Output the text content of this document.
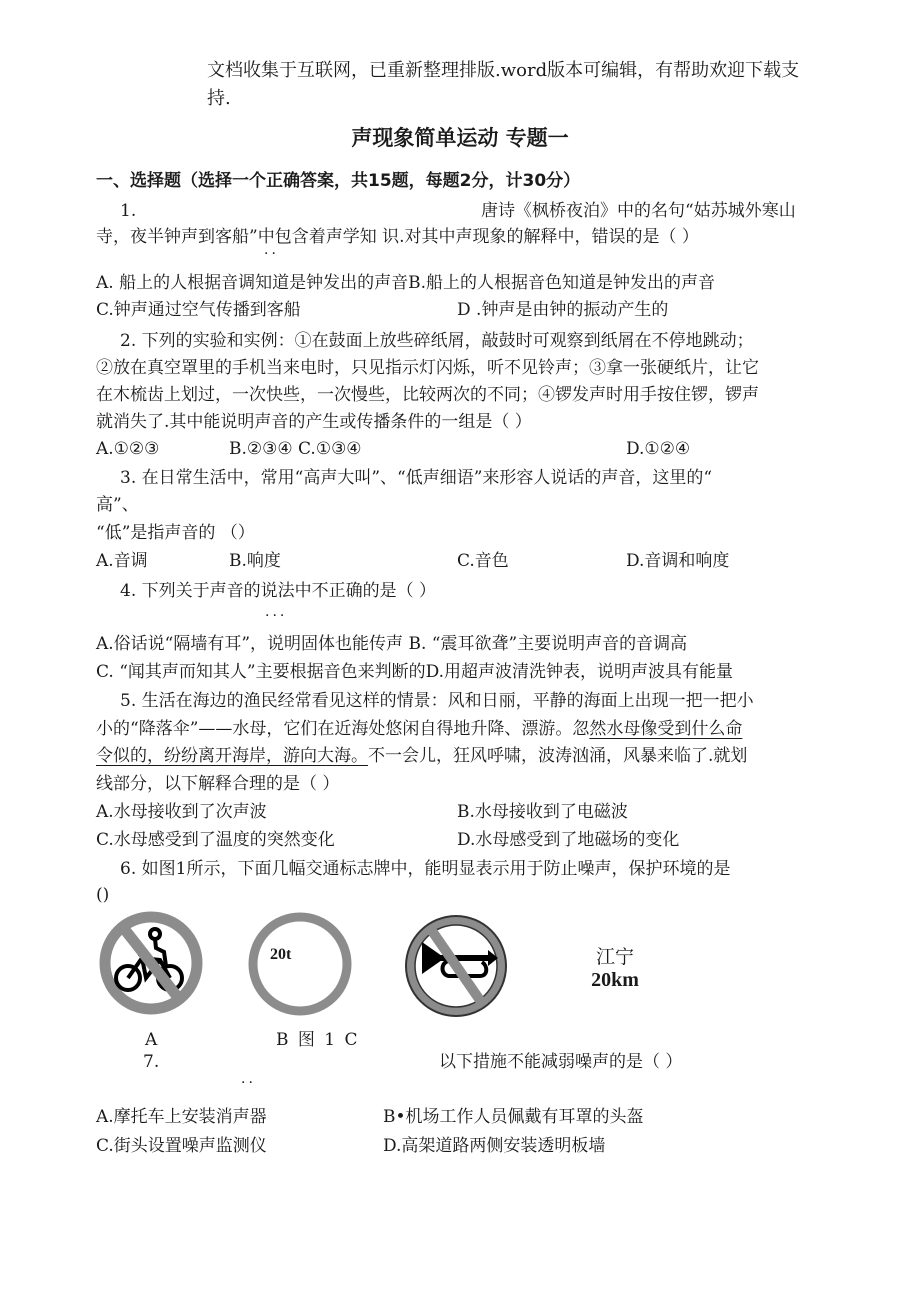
文档收集于互联网，已重新整理排版.word版本可编辑，有帮助欢迎下载支
持.
声现象简单运动 专题一
一、选择题（选择一个正确答案，共15题，每题2分，计30分）
1.	唐诗《枫桥夜泊》中的名句“姑苏城外寒山
寺，夜半钟声到客船”中包含着声学知 识.对其中声现象的解释中，错误的是（ ）
··
A. 船上的人根据音调知道是钟发出的声音B.船上的人根据音色知道是钟发出的声音
C.钟声通过空气传播到客船	D .钟声是由钟的振动产生的
2. 下列的实验和实例：①在鼓面上放些碎纸屑，敲鼓时可观察到纸屑在不停地跳动；
②放在真空罩里的手机当来电时，只见指示灯闪烁，听不见铃声；③拿一张硬纸片，让它
在木梳齿上划过，一次快些，一次慢些，比较两次的不同；④锣发声时用手按住锣，锣声
就消失了.其中能说明声音的产生或传播条件的一组是（ ）
A.①②③	B.②③④ C.①③④	D.①②④
3. 在日常生活中，常用“高声大叫”、“低声细语”来形容人说话的声音，这里的“
高”、
“低”是指声音的 （）
A.音调	B.响度	C.音色	D.音调和响度
4. 下列关于声音的说法中不正确的是（ ）
···
A.俗话说“隔墙有耳”，说明固体也能传声 B. “震耳欲聋”主要说明声音的音调高
C. “闻其声而知其人”主要根据音色来判断的D.用超声波清洗钟表，说明声波具有能量
5. 生活在海边的渔民经常看见这样的情景：风和日丽，平静的海面上出现一把一把小
小的“降落伞”——水母，它们在近海处悠闲自得地升降、漂游。忽然水母像受到什么命
令似的，纷纷离开海岸，游向大海。不一会儿，狂风呼啸，波涛汹涌，风暴来临了.就划
线部分，以下解释合理的是（ ）
A.水母接收到了次声波	B.水母接收到了电磁波
C.水母感受到了温度的突然变化	D.水母感受到了地磁场的变化
6. 如图1所示，下面几幅交通标志牌中，能明显表示用于防止噪声，保护环境的是
()
20t	江宁
20km
A	B 图 1 C
7.	以下措施不能减弱噪声的是（ ）
··
A.摩托车上安装消声器	B•机场工作人员佩戴有耳罩的头盔
C.街头设置噪声监测仪	D.高架道路两侧安装透明板墙
